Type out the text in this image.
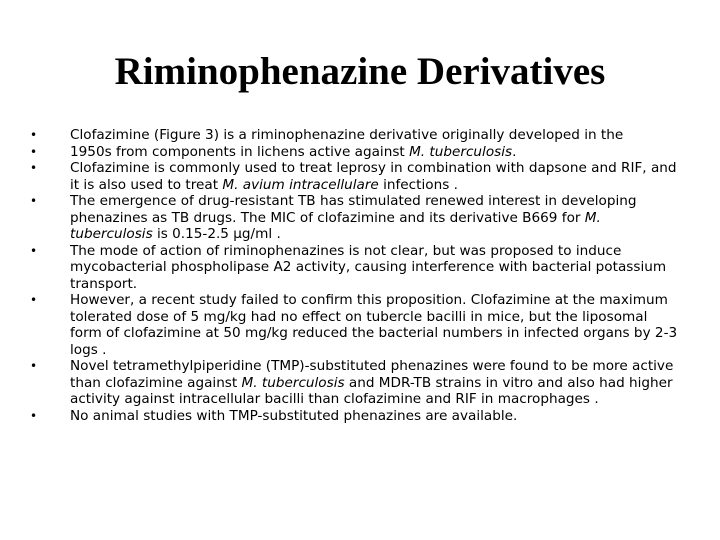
Riminophenazine Derivatives
• Clofazimine (Figure 3) is a riminophenazine derivative originally developed in the
• 1950s from components in lichens active against M. tuberculosis.
• Clofazimine is commonly used to treat leprosy in combination with dapsone and RIF, and it is also used to treat M. avium intracellulare infections .
• The emergence of drug-resistant TB has stimulated renewed interest in developing phenazines as TB drugs. The MIC of clofazimine and its derivative B669 for M. tuberculosis is 0.15-2.5 μg/ml .
• The mode of action of riminophenazines is not clear, but was proposed to induce mycobacterial phospholipase A2 activity, causing interference with bacterial potassium transport.
• However, a recent study failed to confirm this proposition. Clofazimine at the maximum tolerated dose of 5 mg/kg had no effect on tubercle bacilli in mice, but the liposomal form of clofazimine at 50 mg/kg reduced the bacterial numbers in infected organs by 2-3 logs .
• Novel tetramethylpiperidine (TMP)-substituted phenazines were found to be more active than clofazimine against M. tuberculosis and MDR-TB strains in vitro and also had higher activity against intracellular bacilli than clofazimine and RIF in macrophages .
• No animal studies with TMP-substituted phenazines are available.
